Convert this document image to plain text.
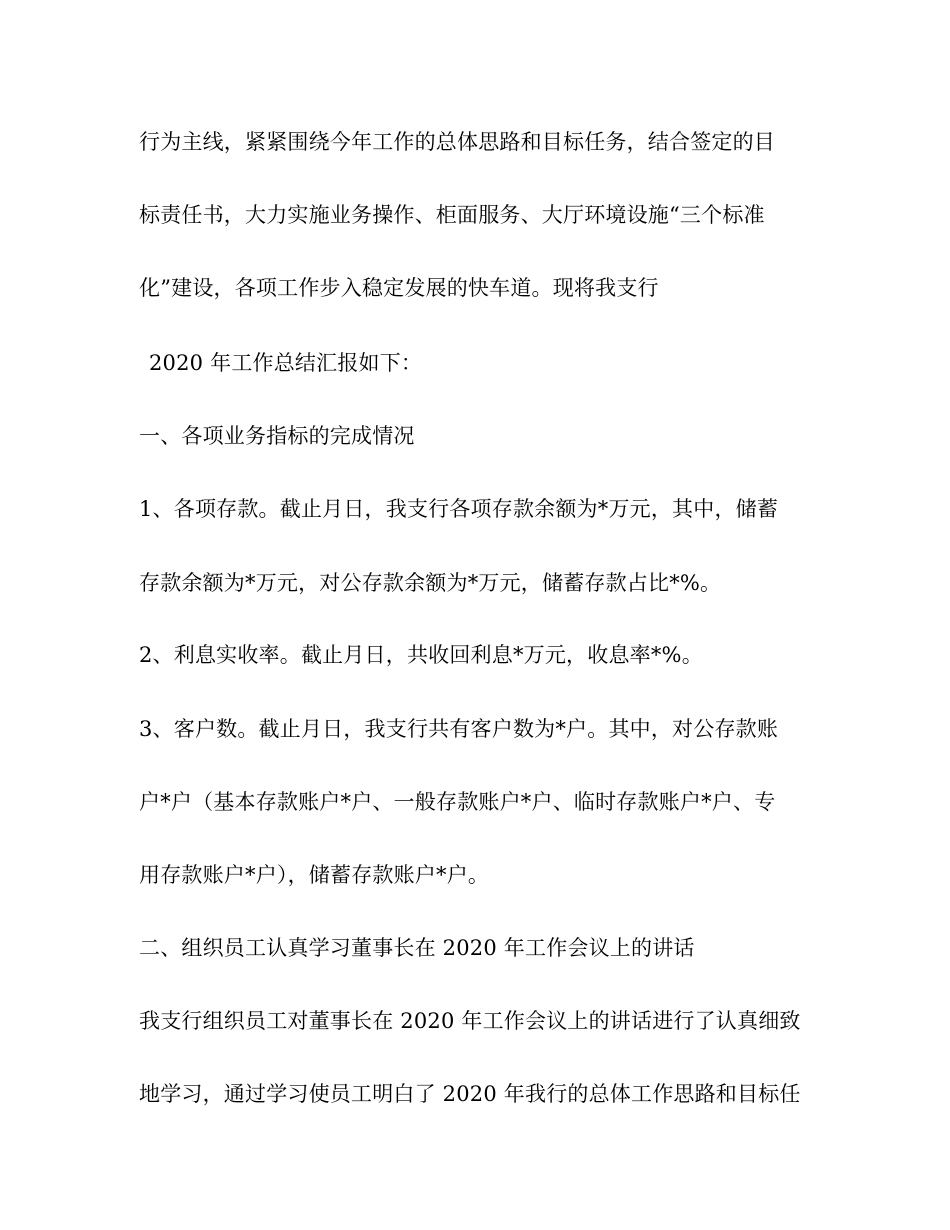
行为主线，紧紧围绕今年工作的总体思路和目标任务，结合签定的目
标责任书，大力实施业务操作、柜面服务、大厅环境设施“三个标准
化”建设，各项工作步入稳定发展的快车道。现将我支行
2020 年工作总结汇报如下：
一、各项业务指标的完成情况
1、各项存款。截止月日，我支行各项存款余额为*万元，其中，储蓄
存款余额为*万元，对公存款余额为*万元，储蓄存款占比*%。
2、利息实收率。截止月日，共收回利息*万元，收息率*%。
3、客户数。截止月日，我支行共有客户数为*户。其中，对公存款账
户*户（基本存款账户*户、一般存款账户*户、临时存款账户*户、专
用存款账户*户），储蓄存款账户*户。
二、组织员工认真学习董事长在 2020 年工作会议上的讲话
我支行组织员工对董事长在 2020 年工作会议上的讲话进行了认真细致
地学习，通过学习使员工明白了 2020 年我行的总体工作思路和目标任
